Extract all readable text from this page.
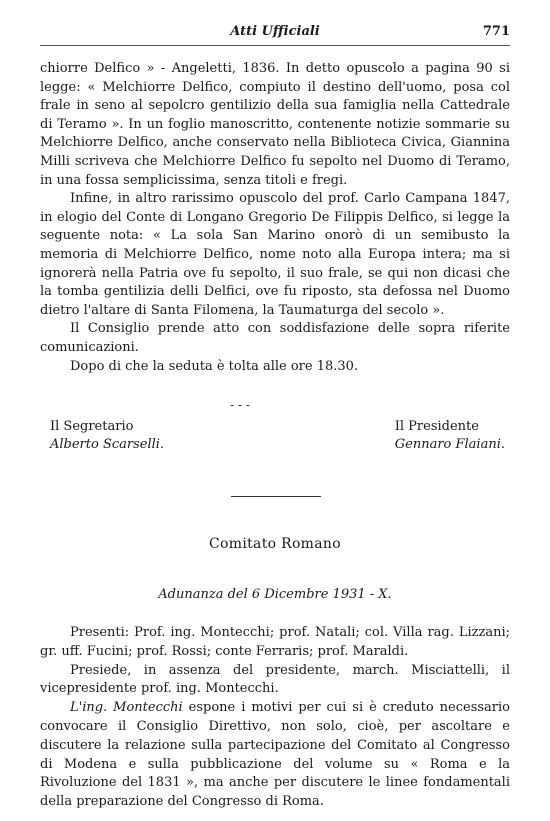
Atti Ufficiali	771

chiorre Delfico » - Angeletti, 1836. In detto opuscolo a pagina 90 si legge: « Melchiorre Delfico, compiuto il destino dell'uomo, posa col frale in seno al sepolcro gentilizio della sua famiglia nella Cattedrale di Teramo ». In un foglio manoscritto, contenente notizie sommarie su Melchiorre Delfico, anche conservato nella Biblioteca Civica, Giannina Milli scriveva che Melchiorre Delfico fu sepolto nel Duomo di Teramo, in una fossa semplicissima, senza titoli e fregi.

Infine, in altro rarissimo opuscolo del prof. Carlo Campana 1847, in elogio del Conte di Longano Gregorio De Filippis Delfico, si legge la seguente nota: « La sola San Marino onorò di un semibusto la memoria di Melchiorre Delfico, nome noto alla Europa intera; ma si ignorerà nella Patria ove fu sepolto, il suo frale, se qui non dicasi che la tomba gentilizia delli Delfici, ove fu riposto, sta defossa nel Duomo dietro l'altare di Santa Filomena, la Taumaturga del secolo ».

Il Consiglio prende atto con soddisfazione delle sopra riferite comunicazioni.

Dopo di che la seduta è tolta alle ore 18.30.

- - -
Il Segretario
Alberto Scarselli.
Il Presidente
Gennaro Flaiani.
Comitato Romano
Adunanza del 6 Dicembre 1931 - X.

Presenti: Prof. ing. Montecchi; prof. Natali; col. Villa rag. Lizzani; gr. uff. Fucini; prof. Rossi; conte Ferraris; prof. Maraldi.

Presiede, in assenza del presidente, march. Misciattelli, il vicepresidente prof. ing. Montecchi.

L'ing. Montecchi espone i motivi per cui si è creduto necessario convocare il Consiglio Direttivo, non solo, cioè, per ascoltare e discutere la relazione sulla partecipazione del Comitato al Congresso di Modena e sulla pubblicazione del volume su « Roma e la Rivoluzione del 1831 », ma anche per discutere le linee fondamentali della preparazione del Congresso di Roma.
